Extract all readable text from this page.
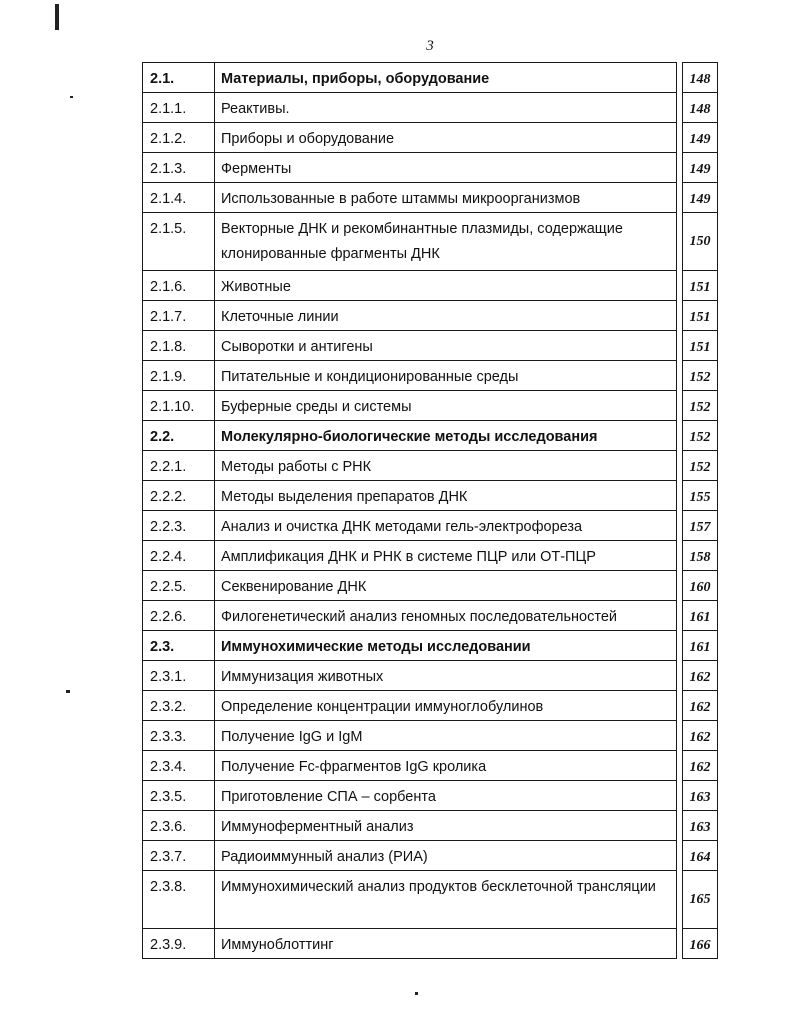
3
2.1.	Материалы, приборы, оборудование		148
2.1.1.	Реактивы.		148
2.1.2.	Приборы и оборудование		149
2.1.3.	Ферменты		149
2.1.4.	Использованные в работе штаммы микроорганизмов		149
2.1.5.	Векторные ДНК и рекомбинантные плазмиды, содержащие клонированные фрагменты ДНК		150
2.1.6.	Животные		151
2.1.7.	Клеточные линии		151
2.1.8.	Сыворотки и антигены		151
2.1.9.	Питательные и кондиционированные среды		152
2.1.10.	Буферные среды и системы		152
2.2.	Молекулярно-биологические методы исследования		152
2.2.1.	Методы работы с РНК		152
2.2.2.	Методы выделения препаратов ДНК		155
2.2.3.	Анализ и очистка ДНК методами гель-электрофореза		157
2.2.4.	Амплификация ДНК и РНК в системе ПЦР или ОТ-ПЦР		158
2.2.5.	Секвенирование ДНК		160
2.2.6.	Филогенетический анализ геномных последовательностей		161
2.3.	Иммунохимические методы исследовании		161
2.3.1.	Иммунизация животных		162
2.3.2.	Определение концентрации иммуноглобулинов		162
2.3.3.	Получение IgG и IgM		162
2.3.4.	Получение Fc-фрагментов IgG кролика		162
2.3.5.	Приготовление СПА – сорбента		163
2.3.6.	Иммуноферментный анализ		163
2.3.7.	Радиоиммунный анализ (РИА)		164
2.3.8.	Иммунохимический анализ продуктов бесклеточной трансляции		165
2.3.9.	Иммуноблоттинг		166
